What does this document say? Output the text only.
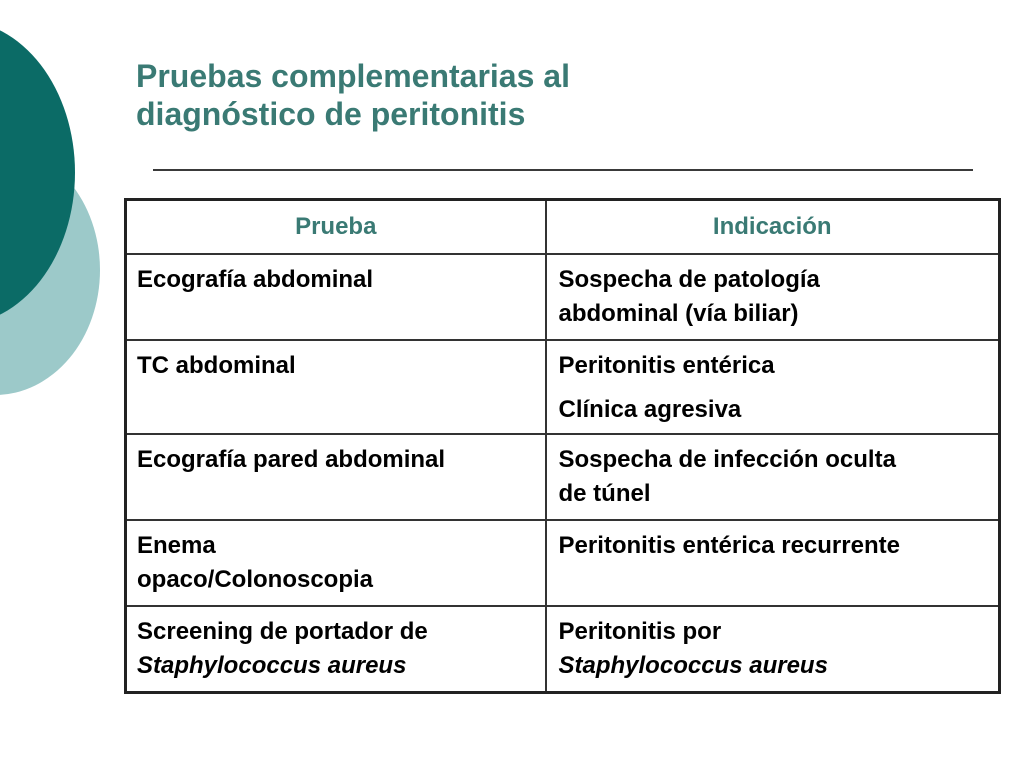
Pruebas complementarias al
diagnóstico de peritonitis
Prueba	Indicación

Ecografía abdominal	Sospecha de patología
abdominal (vía biliar)

TC abdominal	Peritonitis entérica
Clínica agresiva

Ecografía pared abdominal	Sospecha de infección oculta
de túnel

Enema
opaco/Colonoscopia	Peritonitis entérica recurrente

Screening de portador de
Staphylococcus aureus	Peritonitis por
Staphylococcus aureus
